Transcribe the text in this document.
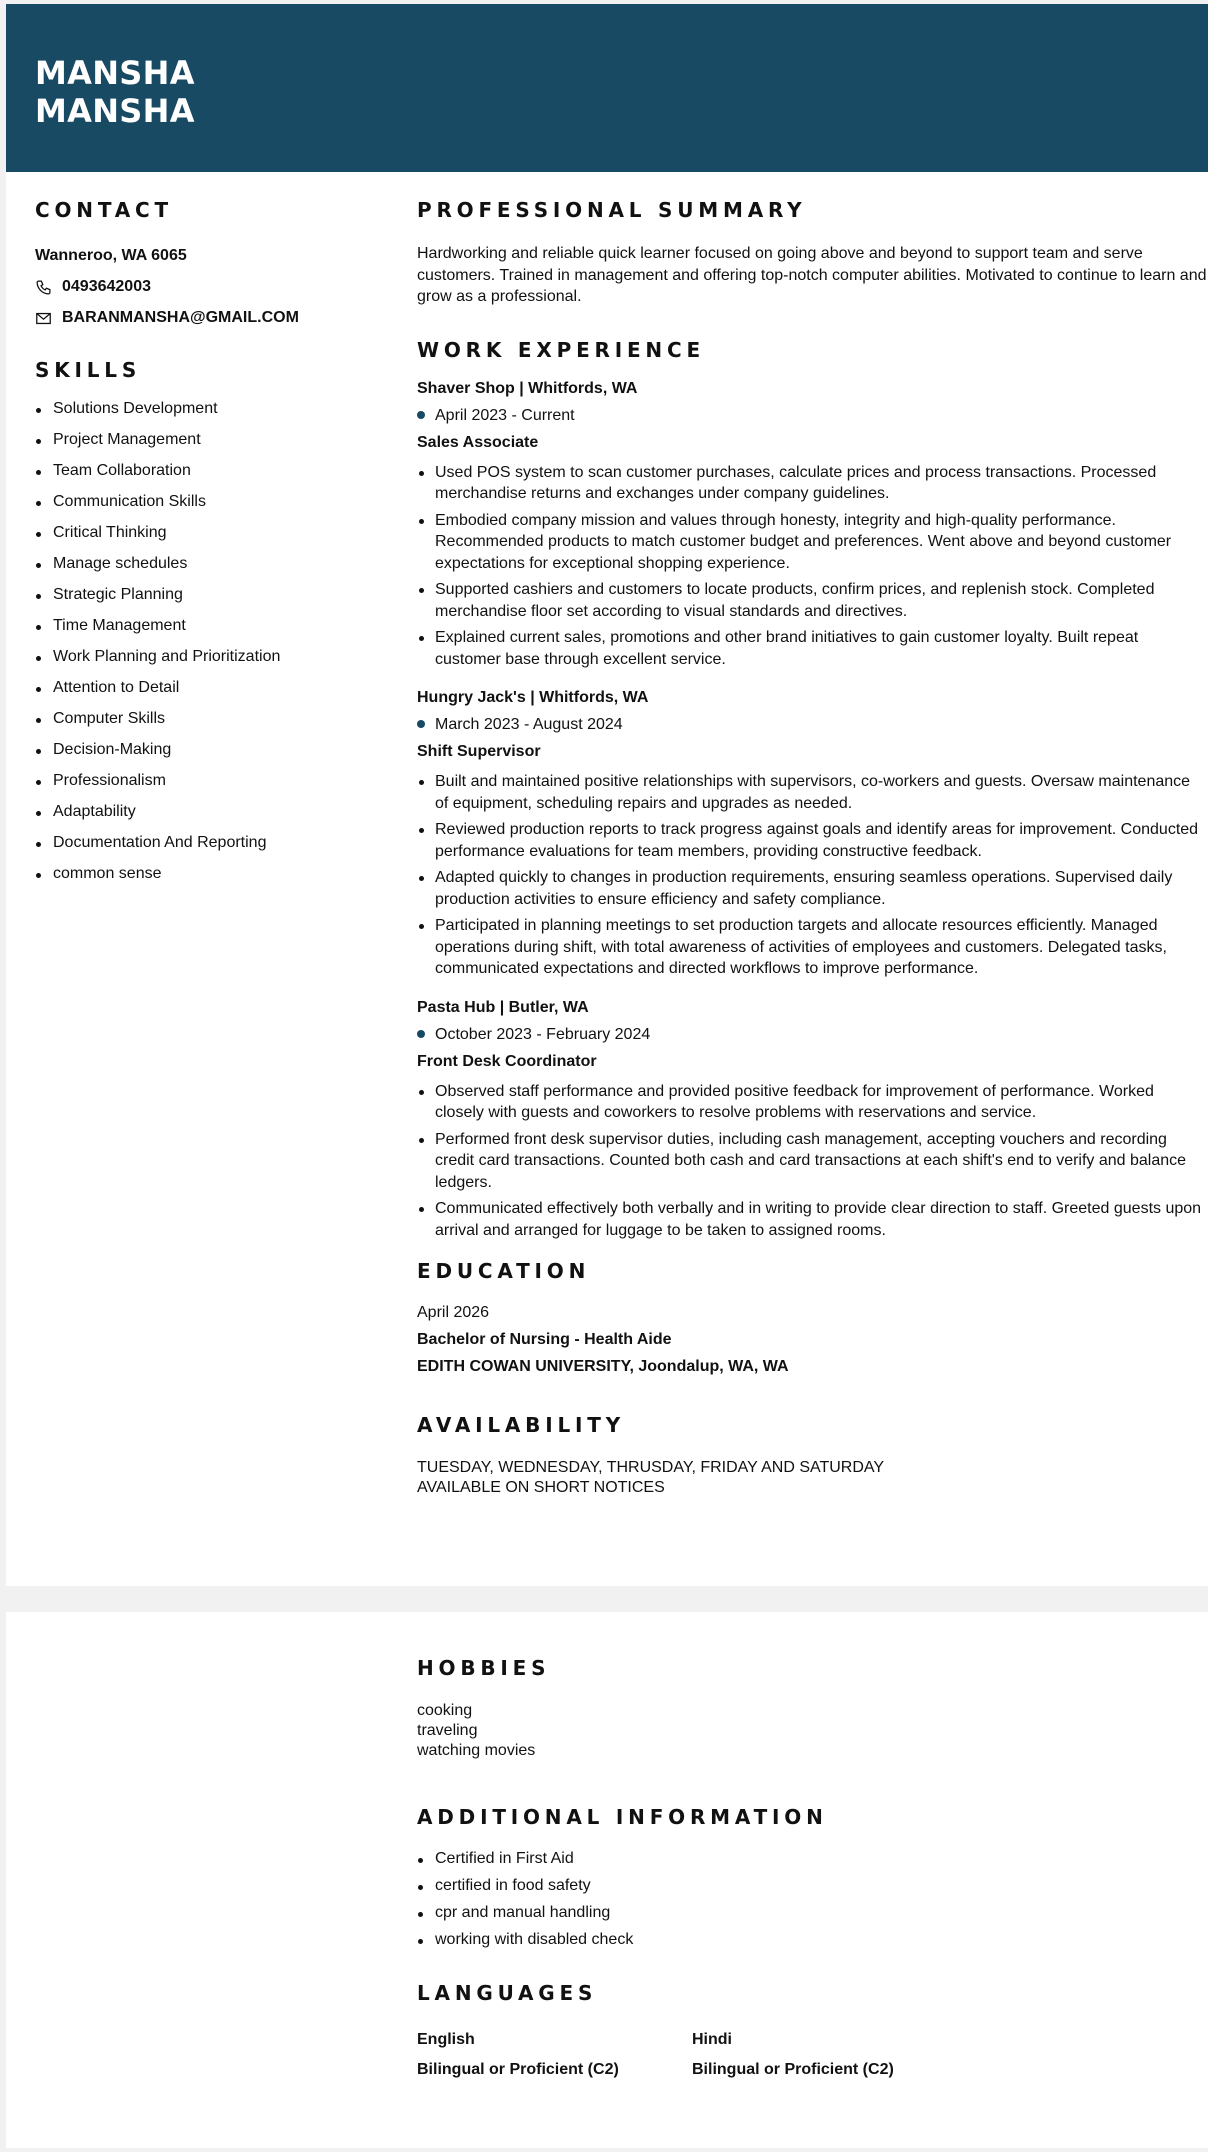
MANSHA
MANSHA
CONTACT
Wanneroo, WA 6065
0493642003
BARANMANSHA@GMAIL.COM
SKILLS
Solutions Development
Project Management
Team Collaboration
Communication Skills
Critical Thinking
Manage schedules
Strategic Planning
Time Management
Work Planning and Prioritization
Attention to Detail
Computer Skills
Decision-Making
Professionalism
Adaptability
Documentation And Reporting
common sense
PROFESSIONAL SUMMARY
Hardworking and reliable quick learner focused on going above and beyond to support team and serve customers. Trained in management and offering top-notch computer abilities. Motivated to continue to learn and grow as a professional.
WORK EXPERIENCE
Shaver Shop | Whitfords, WA
April 2023 - Current
Sales Associate
Used POS system to scan customer purchases, calculate prices and process transactions. Processed merchandise returns and exchanges under company guidelines.
Embodied company mission and values through honesty, integrity and high-quality performance. Recommended products to match customer budget and preferences. Went above and beyond customer expectations for exceptional shopping experience.
Supported cashiers and customers to locate products, confirm prices, and replenish stock. Completed merchandise floor set according to visual standards and directives.
Explained current sales, promotions and other brand initiatives to gain customer loyalty. Built repeat customer base through excellent service.
Hungry Jack's | Whitfords, WA
March 2023 - August 2024
Shift Supervisor
Built and maintained positive relationships with supervisors, co-workers and guests. Oversaw maintenance of equipment, scheduling repairs and upgrades as needed.
Reviewed production reports to track progress against goals and identify areas for improvement. Conducted performance evaluations for team members, providing constructive feedback.
Adapted quickly to changes in production requirements, ensuring seamless operations. Supervised daily production activities to ensure efficiency and safety compliance.
Participated in planning meetings to set production targets and allocate resources efficiently. Managed operations during shift, with total awareness of activities of employees and customers. Delegated tasks, communicated expectations and directed workflows to improve performance.
Pasta Hub | Butler, WA
October 2023 - February 2024
Front Desk Coordinator
Observed staff performance and provided positive feedback for improvement of performance. Worked closely with guests and coworkers to resolve problems with reservations and service.
Performed front desk supervisor duties, including cash management, accepting vouchers and recording credit card transactions. Counted both cash and card transactions at each shift's end to verify and balance ledgers.
Communicated effectively both verbally and in writing to provide clear direction to staff. Greeted guests upon arrival and arranged for luggage to be taken to assigned rooms.
EDUCATION
April 2026
Bachelor of Nursing - Health Aide
EDITH COWAN UNIVERSITY, Joondalup, WA, WA
AVAILABILITY
TUESDAY, WEDNESDAY, THRUSDAY, FRIDAY AND SATURDAY
AVAILABLE ON SHORT NOTICES
HOBBIES
cooking
traveling
watching movies
ADDITIONAL INFORMATION
Certified in First Aid
certified in food safety
cpr and manual handling
working with disabled check
LANGUAGES
English
Bilingual or Proficient (C2)
Hindi
Bilingual or Proficient (C2)
